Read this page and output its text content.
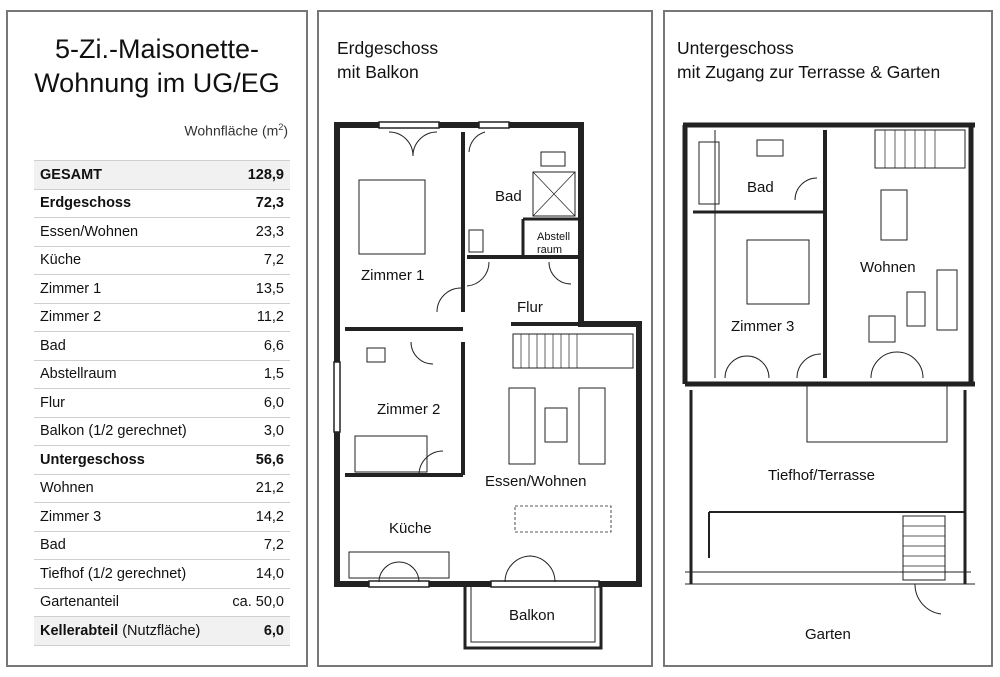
5-Zi.-Maisonette-
Wohnung im UG/EG
Wohnfläche $(m^2)$
GESAMT	128,9
Erdgeschoss	72,3
Essen/Wohnen	23,3
Küche	7,2
Zimmer 1	13,5
Zimmer 2	11,2
Bad	6,6
Abstellraum	1,5
Flur	6,0
Balkon (1/2 gerechnet)	3,0
Untergeschoss	56,6
Wohnen	21,2
Zimmer 3	14,2
Bad	7,2
Tiefhof (1/2 gerechnet)	14,0
Gartenanteil	ca. 50,0
Kellerabteil (Nutzfläche)	6,0
Erdgeschoss
mit Balkon
Bad
Abstell
raum
Zimmer 1
Flur
Zimmer 2
Essen/Wohnen
Küche
Balkon
Untergeschoss
mit Zugang zur Terrasse & Garten
Bad
Wohnen
Zimmer 3
Tiefhof/Terrasse
Garten
